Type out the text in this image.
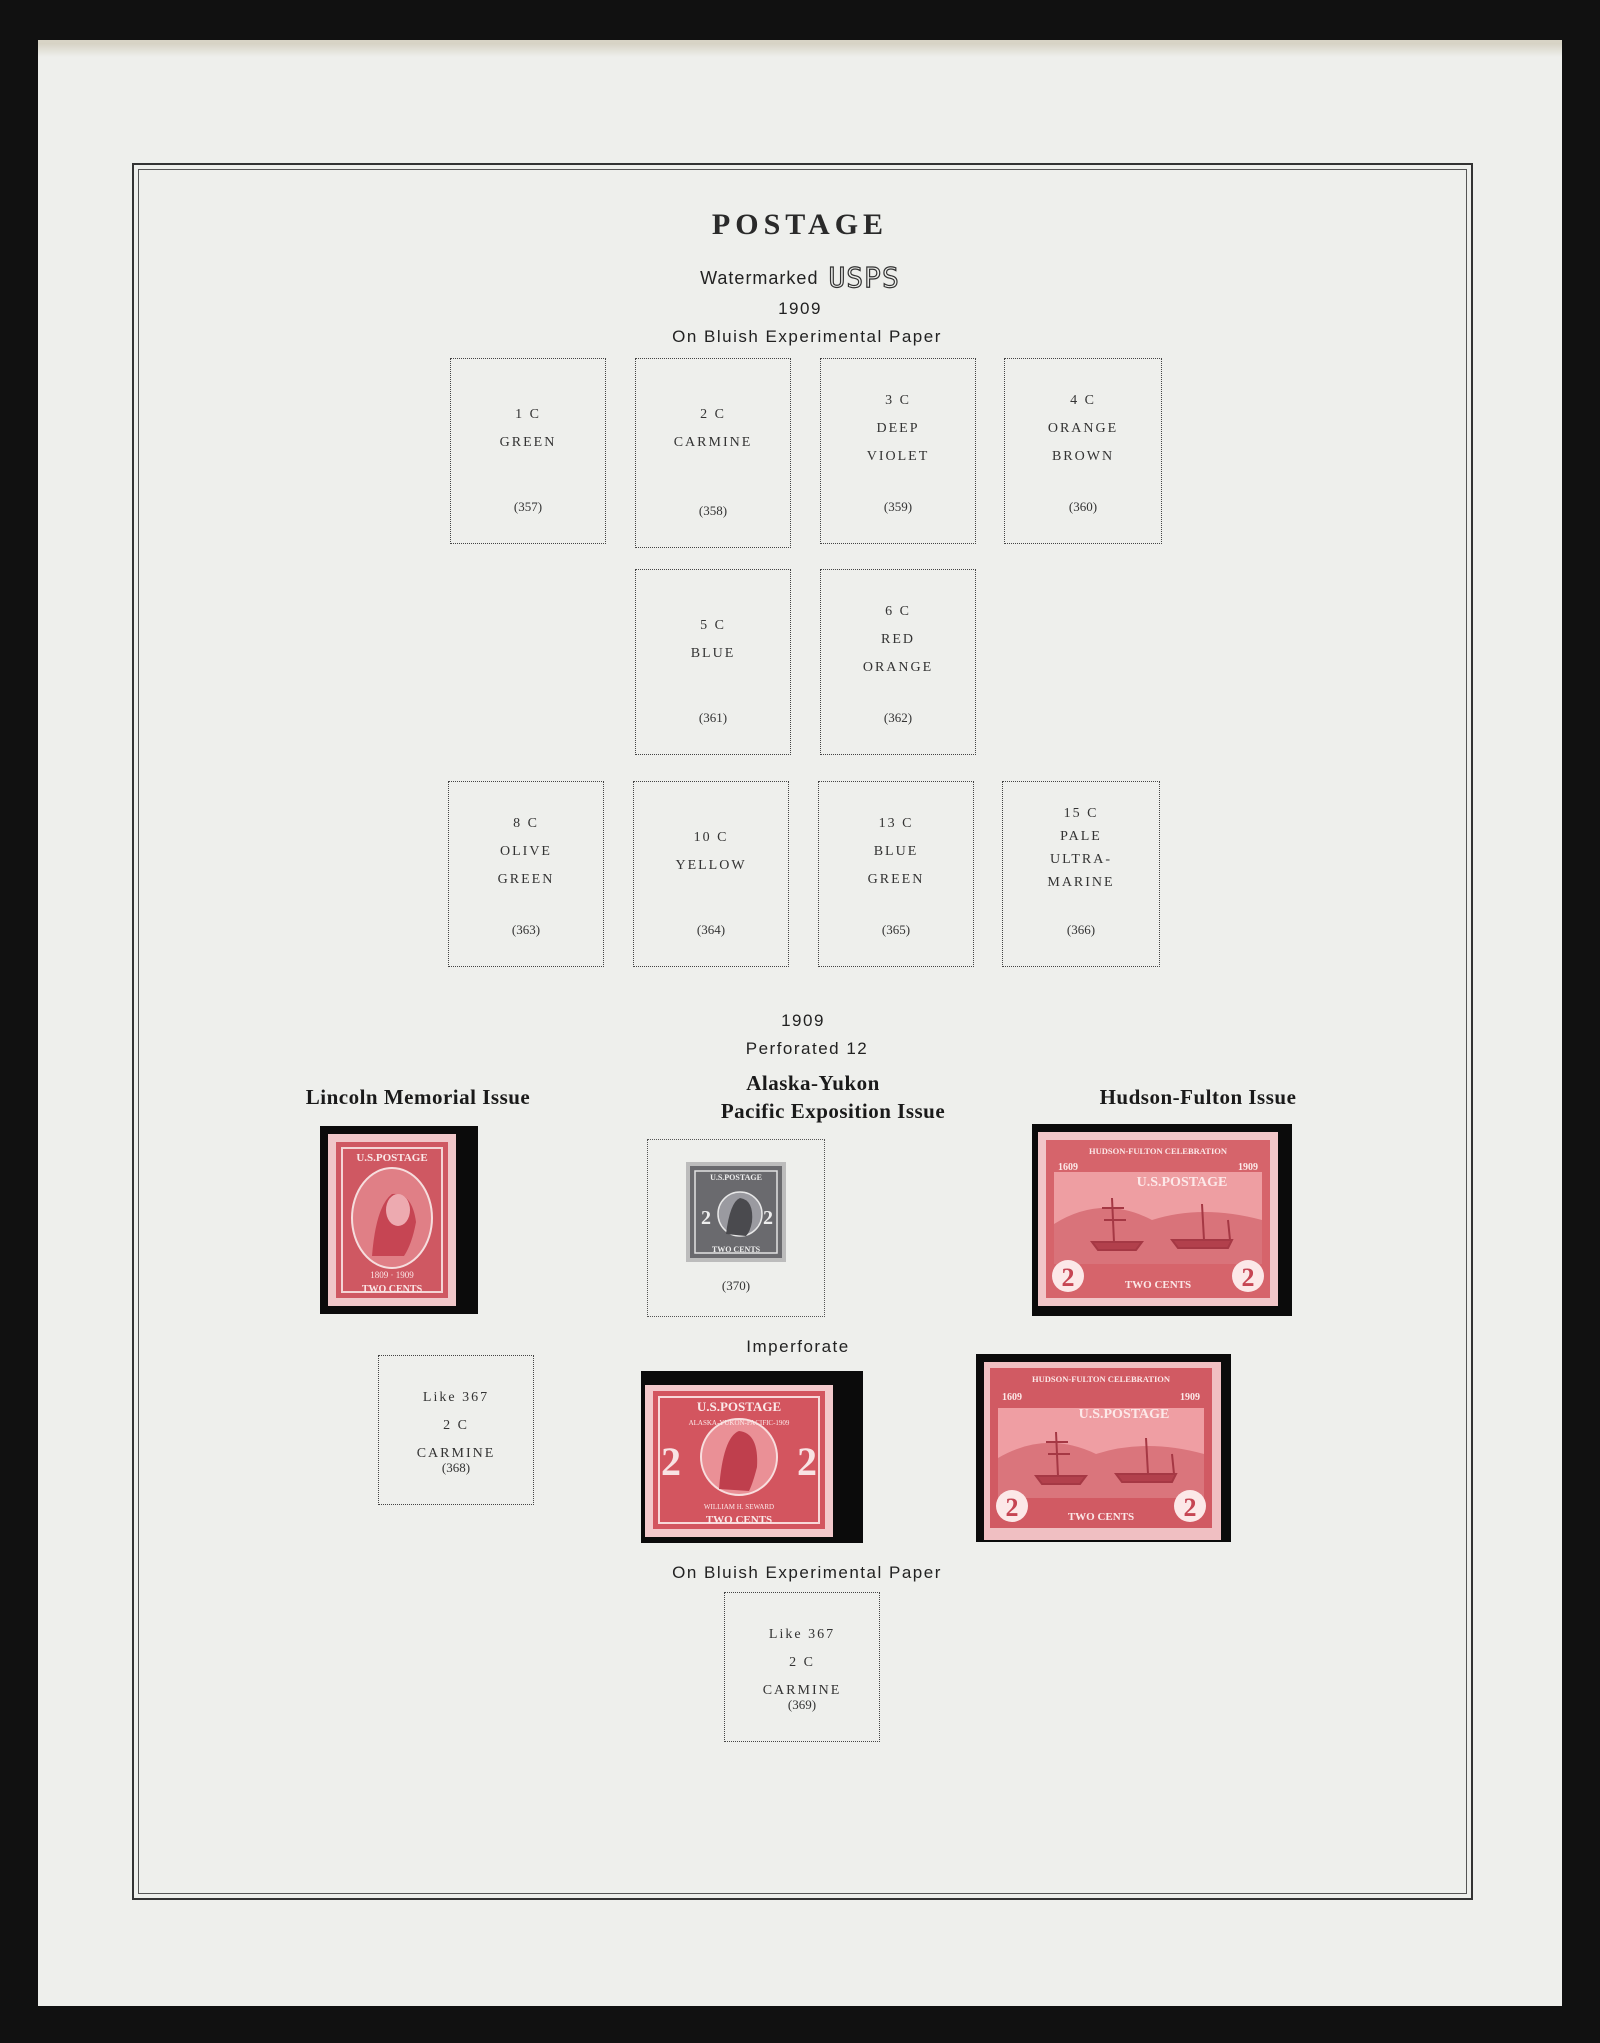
POSTAGE
Watermarked USPS
1909
On Bluish Experimental Paper
1 C
GREEN
(357)
2 C
CARMINE
(358)
3 C
DEEP
VIOLET
(359)
4 C
ORANGE
BROWN
(360)
5 C
BLUE
(361)
6 C
RED
ORANGE
(362)
8 C
OLIVE
GREEN
(363)
10 C
YELLOW
(364)
13 C
BLUE
GREEN
(365)
15 C
PALE
ULTRA-
MARINE
(366)
1909
Perforated 12
Lincoln Memorial Issue
Alaska-Yukon
Pacific Exposition Issue
Hudson-Fulton Issue
U.S.POSTAGE
1809 · 1909
TWO CENTS
2	2
U.S.POSTAGE
TWO CENTS
(370)
HUDSON-FULTON CELEBRATION
1609	1909
U.S.POSTAGE
2	2
TWO CENTS
Imperforate
Like 367
2 C
CARMINE
(368)	2	2
U.S.POSTAGE
ALASKA-YUKON-PACIFIC-1909
WILLIAM H. SEWARD
TWO CENTS
HUDSON-FULTON CELEBRATION
1609	1909
U.S.POSTAGE
2	2
TWO CENTS
On Bluish Experimental Paper
Like 367
2 C
CARMINE
(369)
